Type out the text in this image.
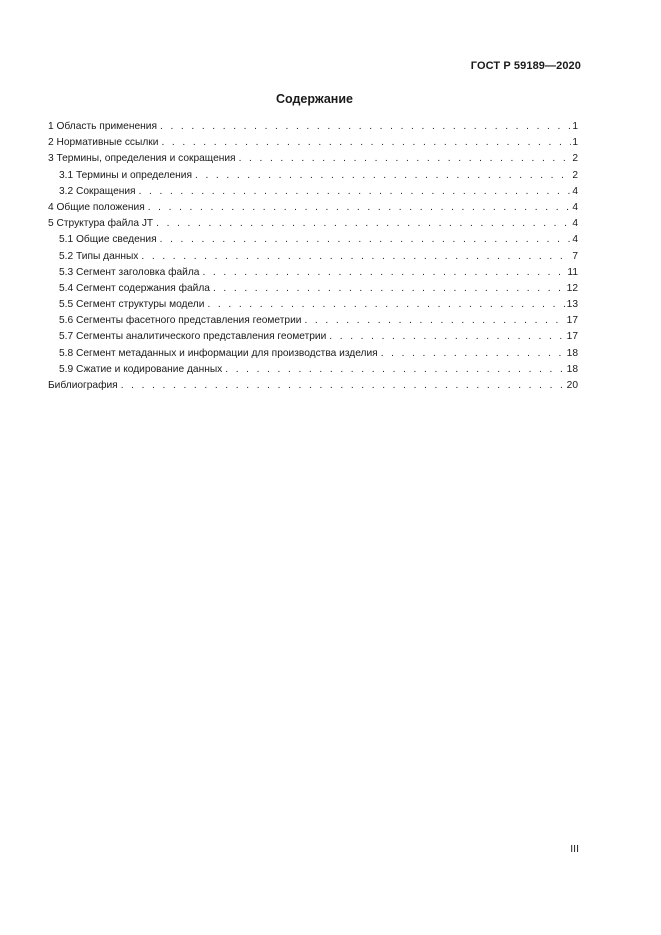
ГОСТ Р 59189—2020
Содержание
1 Область применения . . .	1
2 Нормативные ссылки . . .	1
3 Термины, определения и сокращения . . .	2
3.1 Термины и определения . . .	2
3.2 Сокращения . . .	4
4 Общие положения . . .	4
5 Структура файла JT . . .	4
5.1 Общие сведения . . .	4
5.2 Типы данных . . .	7
5.3 Сегмент заголовка файла . . .	11
5.4 Сегмент содержания файла . . .	12
5.5 Сегмент структуры модели . . .	13
5.6 Сегменты фасетного представления геометрии . . .	17
5.7 Сегменты аналитического представления геометрии . . .	17
5.8 Сегмент метаданных и информации для производства изделия . . .	18
5.9 Сжатие и кодирование данных . . .	18
Библиография . . .	20
III
